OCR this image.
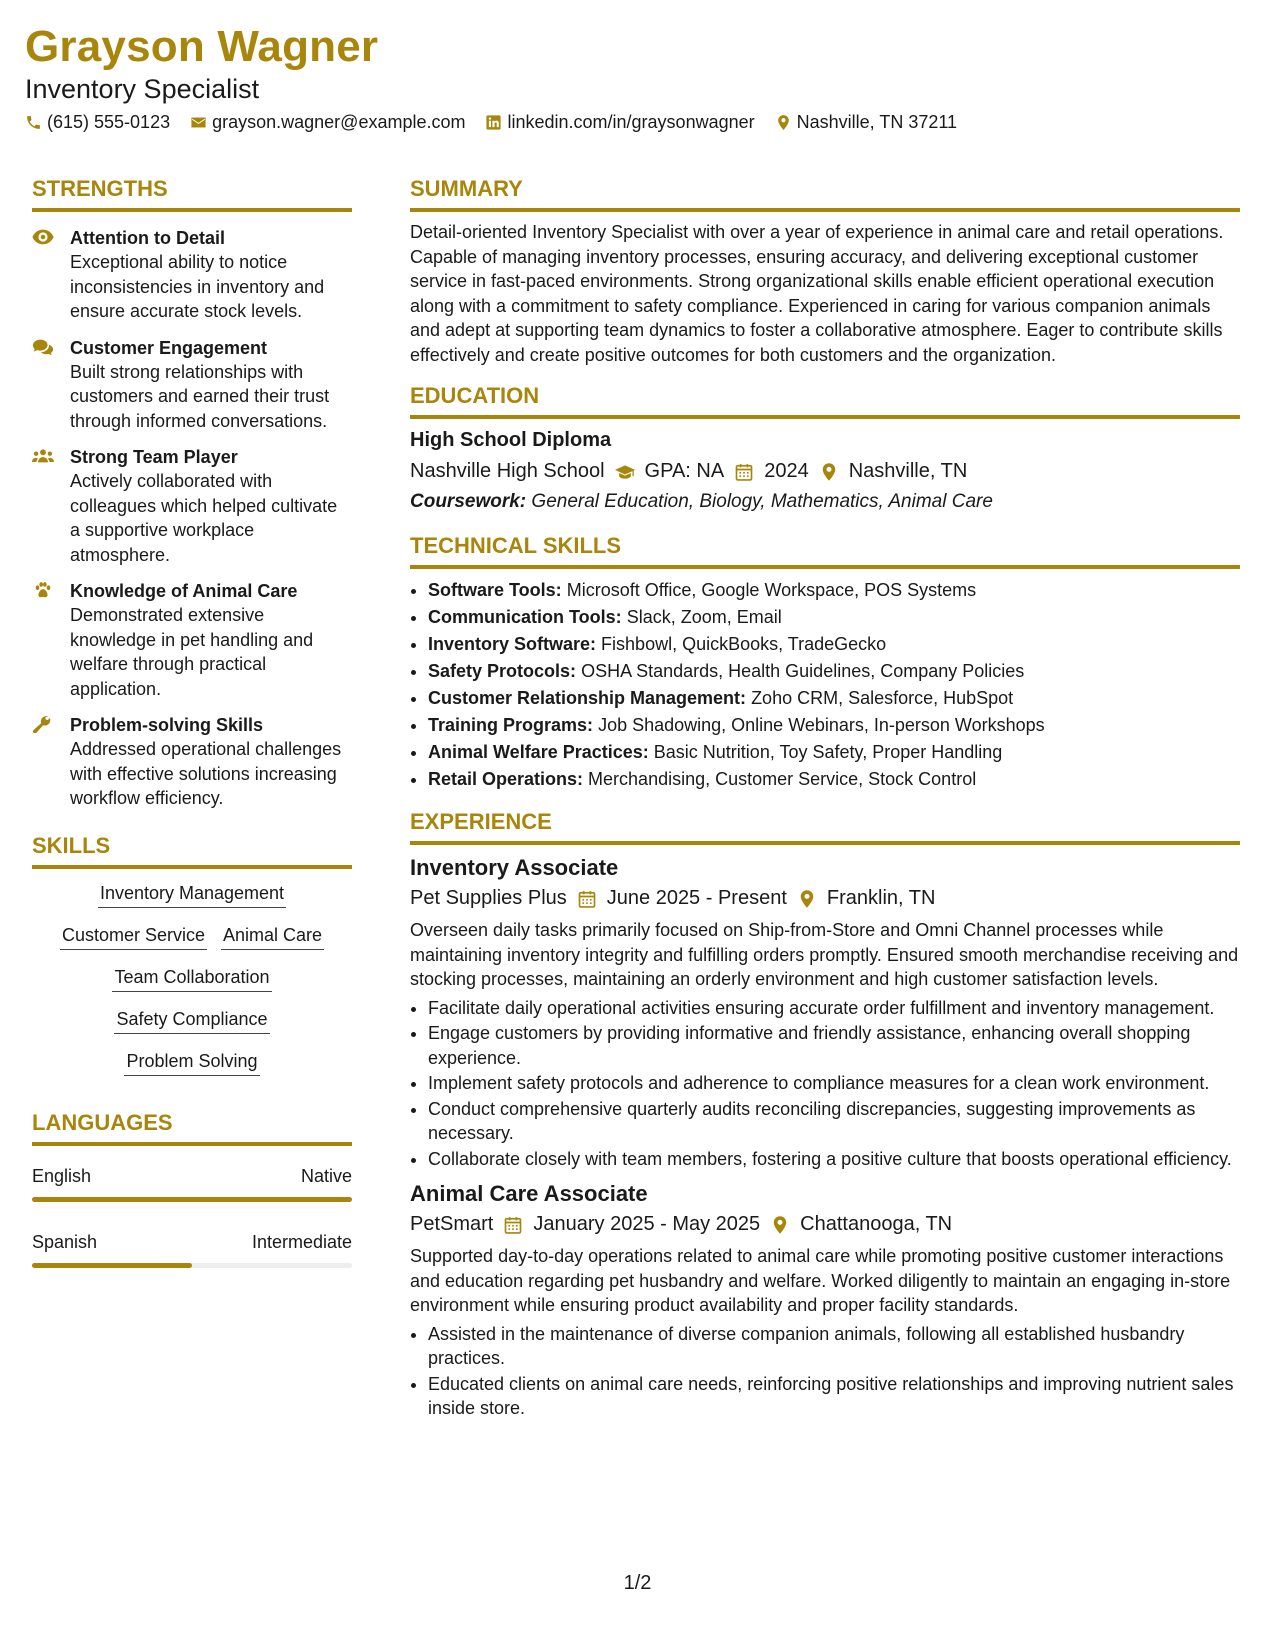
Grayson Wagner
Inventory Specialist
(615) 555-0123 grayson.wagner@example.com linkedin.com/in/graysonwagner Nashville, TN 37211
STRENGTHS
Attention to Detail
Exceptional ability to notice inconsistencies in inventory and ensure accurate stock levels.
Customer Engagement
Built strong relationships with customers and earned their trust through informed conversations.
Strong Team Player
Actively collaborated with colleagues which helped cultivate a supportive workplace atmosphere.
Knowledge of Animal Care
Demonstrated extensive knowledge in pet handling and welfare through practical application.
Problem-solving Skills
Addressed operational challenges with effective solutions increasing workflow efficiency.
SKILLS
Inventory Management
Customer Service Animal Care
Team Collaboration
Safety Compliance
Problem Solving
LANGUAGES
English	Native
Spanish	Intermediate
SUMMARY

Detail-oriented Inventory Specialist with over a year of experience in animal care and retail operations. Capable of managing inventory processes, ensuring accuracy, and delivering exceptional customer service in fast-paced environments. Strong organizational skills enable efficient operational execution along with a commitment to safety compliance. Experienced in caring for various companion animals and adept at supporting team dynamics to foster a collaborative atmosphere. Eager to contribute skills effectively and create positive outcomes for both customers and the organization.

EDUCATION
High School Diploma
Nashville High School GPA: NA 2024 Nashville, TN
Coursework: General Education, Biology, Mathematics, Animal Care
TECHNICAL SKILLS
• Software Tools: Microsoft Office, Google Workspace, POS Systems
• Communication Tools: Slack, Zoom, Email
• Inventory Software: Fishbowl, QuickBooks, TradeGecko
• Safety Protocols: OSHA Standards, Health Guidelines, Company Policies
• Customer Relationship Management: Zoho CRM, Salesforce, HubSpot
• Training Programs: Job Shadowing, Online Webinars, In-person Workshops
• Animal Welfare Practices: Basic Nutrition, Toy Safety, Proper Handling
• Retail Operations: Merchandising, Customer Service, Stock Control
EXPERIENCE
Inventory Associate
Pet Supplies Plus June 2025 - Present Franklin, TN

Overseen daily tasks primarily focused on Ship-from-Store and Omni Channel processes while maintaining inventory integrity and fulfilling orders promptly. Ensured smooth merchandise receiving and stocking processes, maintaining an orderly environment and high customer satisfaction levels.

• Facilitate daily operational activities ensuring accurate order fulfillment and inventory management.
• Engage customers by providing informative and friendly assistance, enhancing overall shopping experience.
• Implement safety protocols and adherence to compliance measures for a clean work environment.
• Conduct comprehensive quarterly audits reconciling discrepancies, suggesting improvements as necessary.
• Collaborate closely with team members, fostering a positive culture that boosts operational efficiency.
Animal Care Associate
PetSmart January 2025 - May 2025 Chattanooga, TN

Supported day-to-day operations related to animal care while promoting positive customer interactions and education regarding pet husbandry and welfare. Worked diligently to maintain an engaging in-store environment while ensuring product availability and proper facility standards.

• Assisted in the maintenance of diverse companion animals, following all established husbandry practices.
• Educated clients on animal care needs, reinforcing positive relationships and improving nutrient sales inside store.
1/2
